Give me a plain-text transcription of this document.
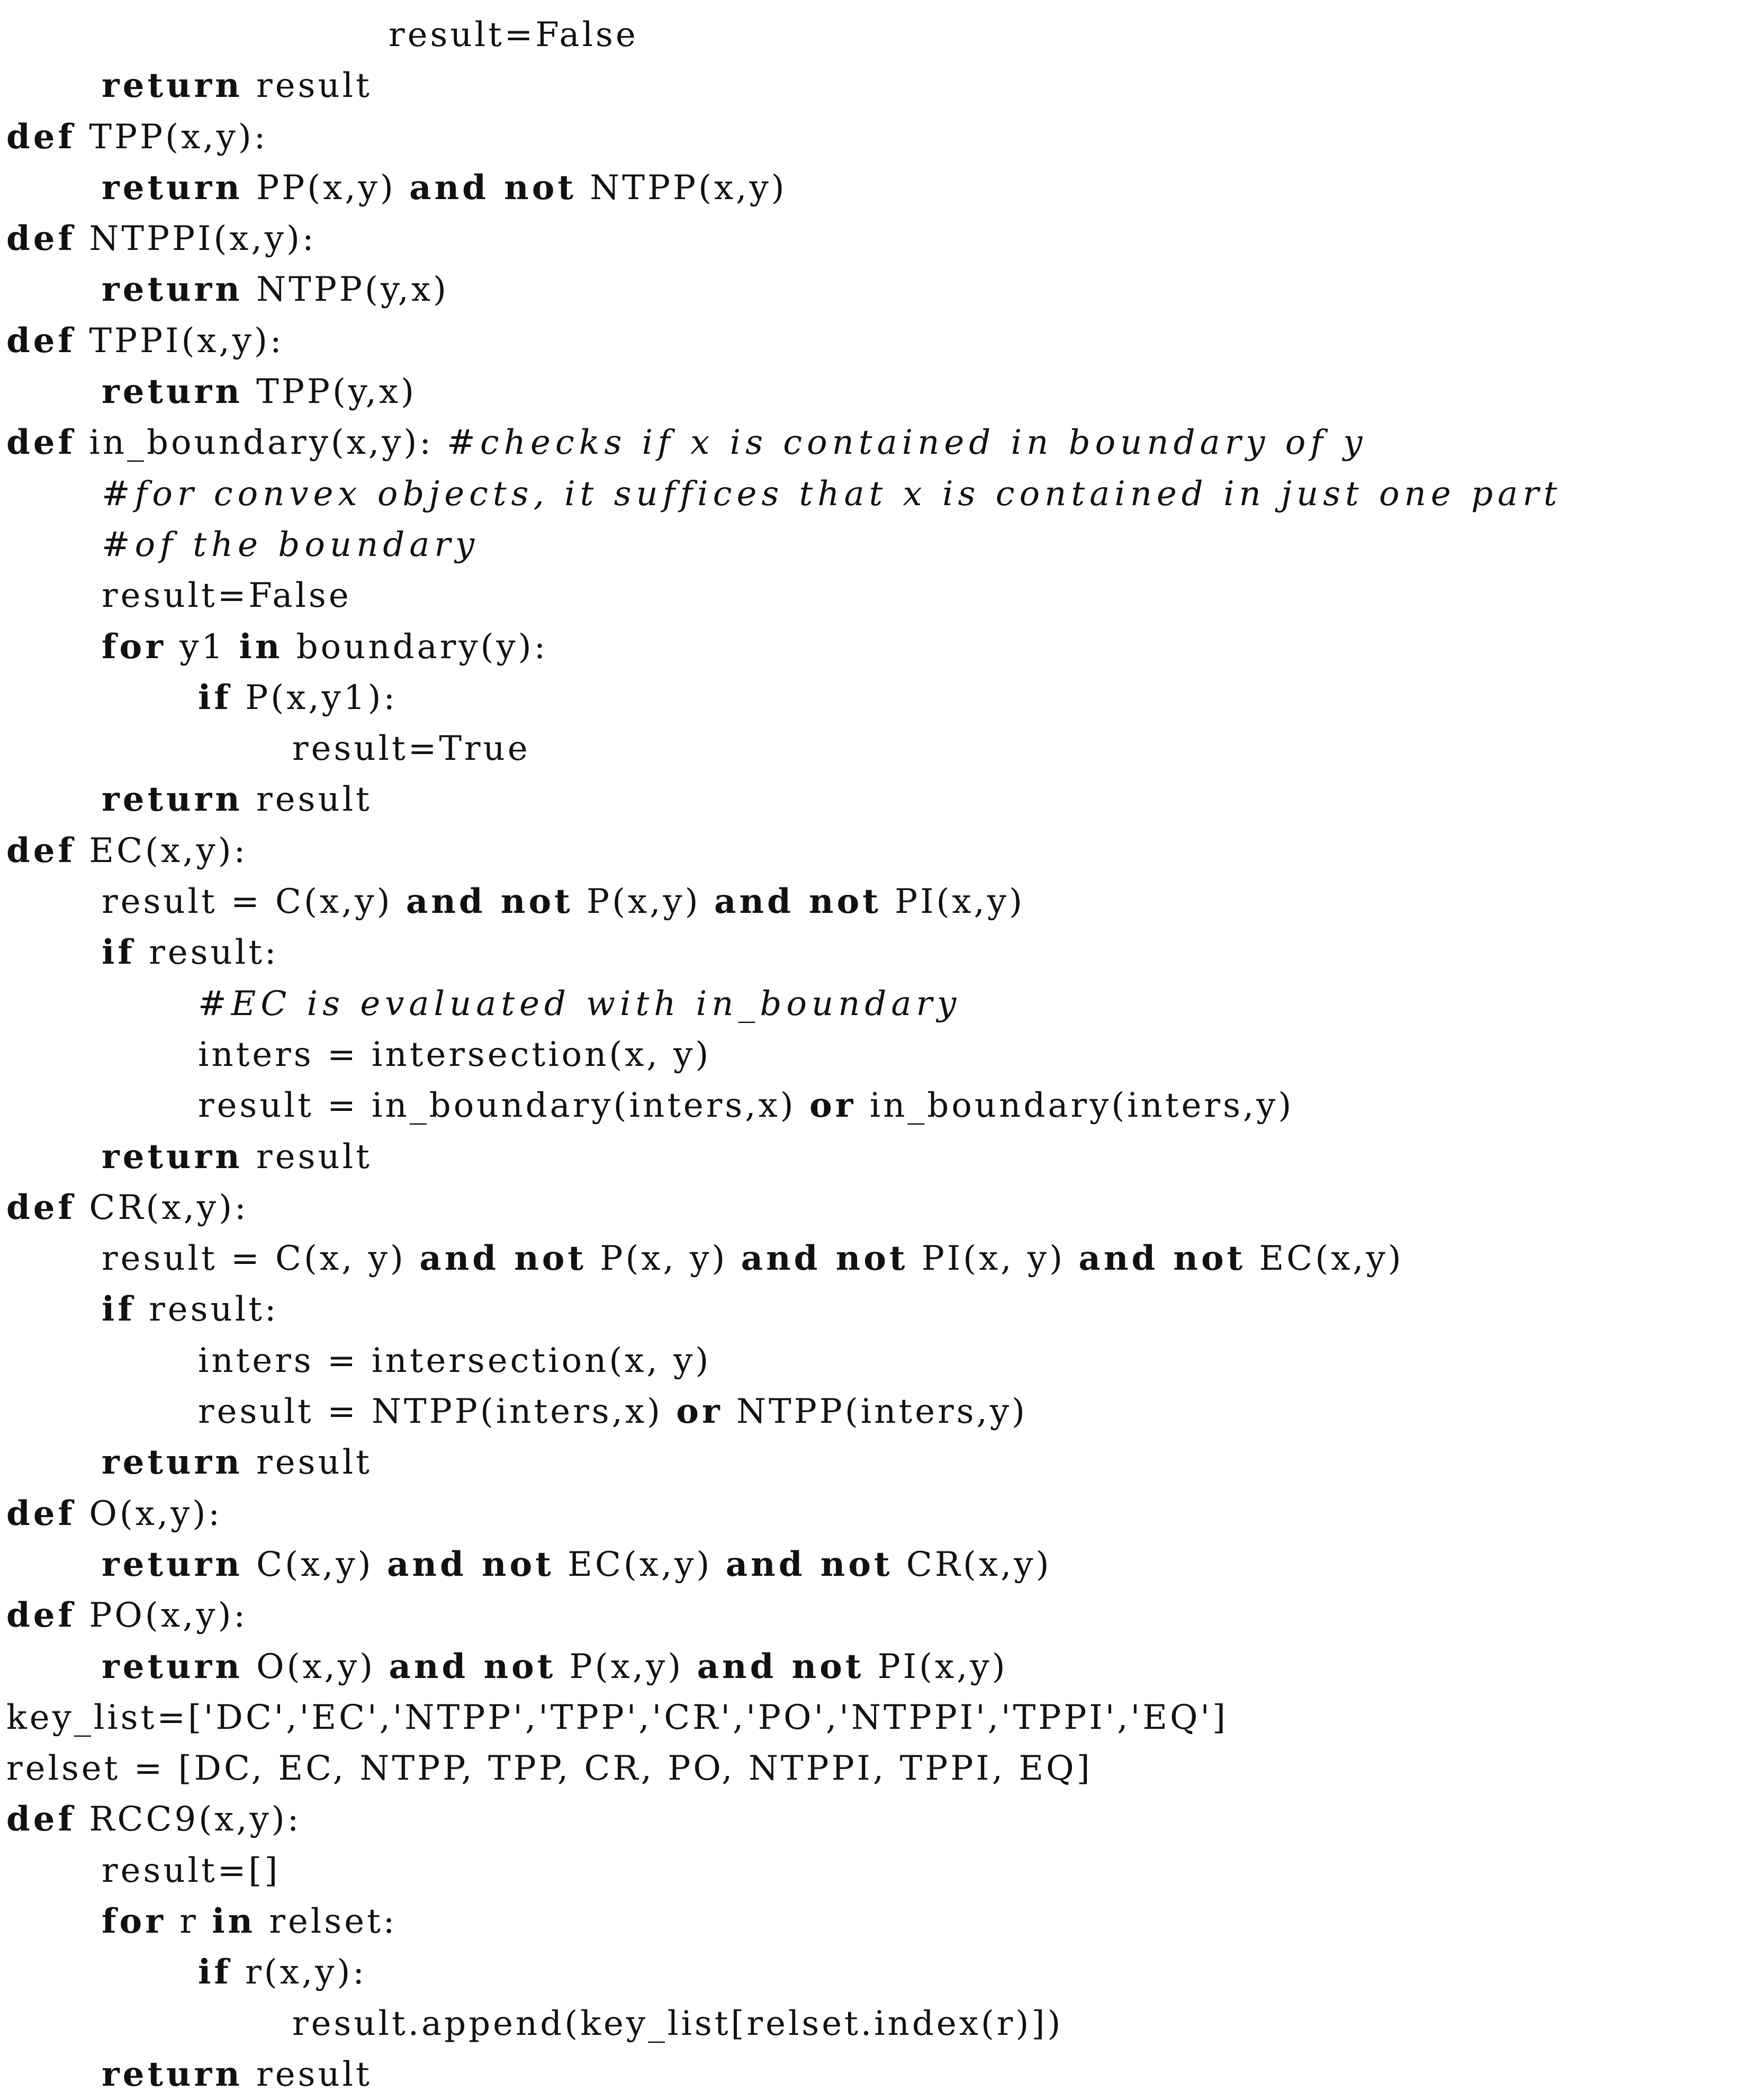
result=False
return result
def TPP(x,y):
return PP(x,y) and not NTPP(x,y)
def NTPPI(x,y):
return NTPP(y,x)
def TPPI(x,y):
return TPP(y,x)
def in_boundary(x,y): #checks if x is contained in boundary of y
#for convex objects, it suffices that x is contained in just one part
#of the boundary
result=False
for y1 in boundary(y):
if P(x,y1):
result=True
return result
def EC(x,y):
result = C(x,y) and not P(x,y) and not PI(x,y)
if result:
#EC is evaluated with in_boundary
inters = intersection(x, y)
result = in_boundary(inters,x) or in_boundary(inters,y)
return result
def CR(x,y):
result = C(x, y) and not P(x, y) and not PI(x, y) and not EC(x,y)
if result:
inters = intersection(x, y)
result = NTPP(inters,x) or NTPP(inters,y)
return result
def O(x,y):
return C(x,y) and not EC(x,y) and not CR(x,y)
def PO(x,y):
return O(x,y) and not P(x,y) and not PI(x,y)
key_list=['DC','EC','NTPP','TPP','CR','PO','NTPPI','TPPI','EQ']
relset = [DC, EC, NTPP, TPP, CR, PO, NTPPI, TPPI, EQ]
def RCC9(x,y):
result=[]
for r in relset:
if r(x,y):
result.append(key_list[relset.index(r)])
return result
